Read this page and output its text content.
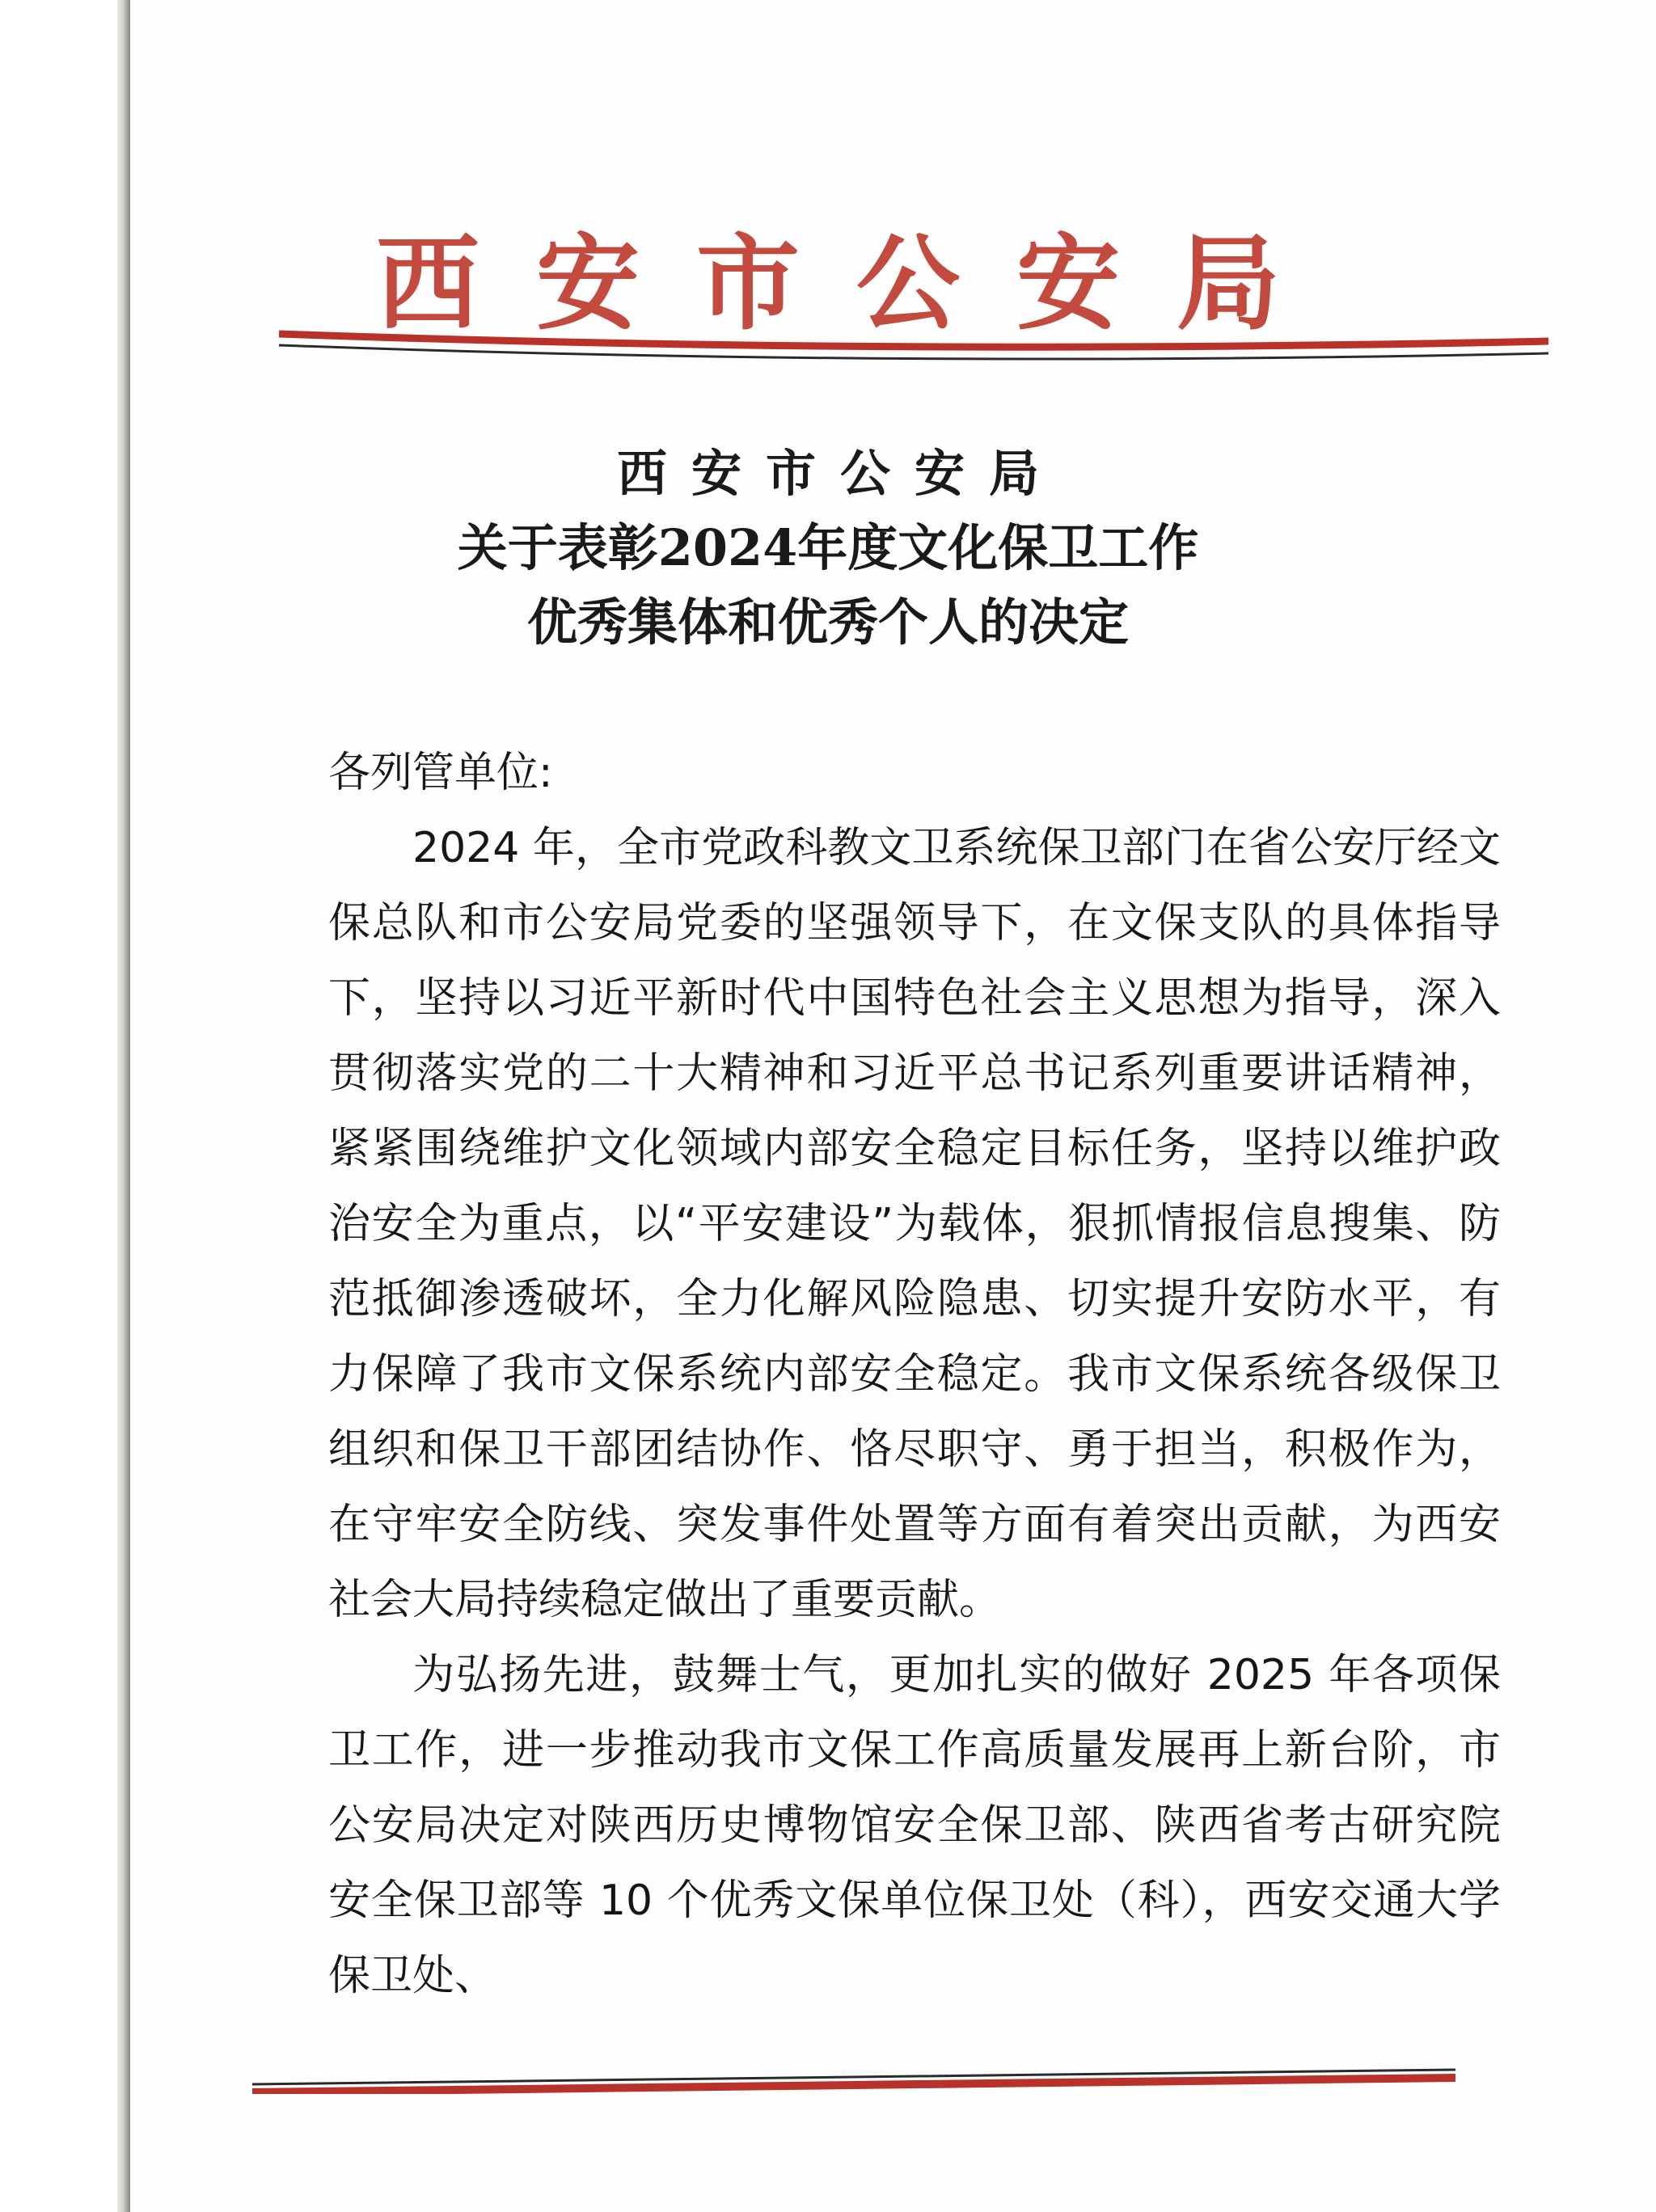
西安市公安局
西安市公安局
关于表彰2024年度文化保卫工作
优秀集体和优秀个人的决定
各列管单位:
2024 年，全市党政科教文卫系统保卫部门在省公安厅经文保总队和市公安局党委的坚强领导下，在文保支队的具体指导下，坚持以习近平新时代中国特色社会主义思想为指导，深入贯彻落实党的二十大精神和习近平总书记系列重要讲话精神，紧紧围绕维护文化领域内部安全稳定目标任务，坚持以维护政治安全为重点，以“平安建设”为载体，狠抓情报信息搜集、防范抵御渗透破坏，全力化解风险隐患、切实提升安防水平，有力保障了我市文保系统内部安全稳定。我市文保系统各级保卫组织和保卫干部团结协作、恪尽职守、勇于担当，积极作为，在守牢安全防线、突发事件处置等方面有着突出贡献，为西安社会大局持续稳定做出了重要贡献。
为弘扬先进，鼓舞士气，更加扎实的做好 2025 年各项保卫工作，进一步推动我市文保工作高质量发展再上新台阶，市公安局决定对陕西历史博物馆安全保卫部、陕西省考古研究院安全保卫部等 10 个优秀文保单位保卫处（科），西安交通大学保卫处、
